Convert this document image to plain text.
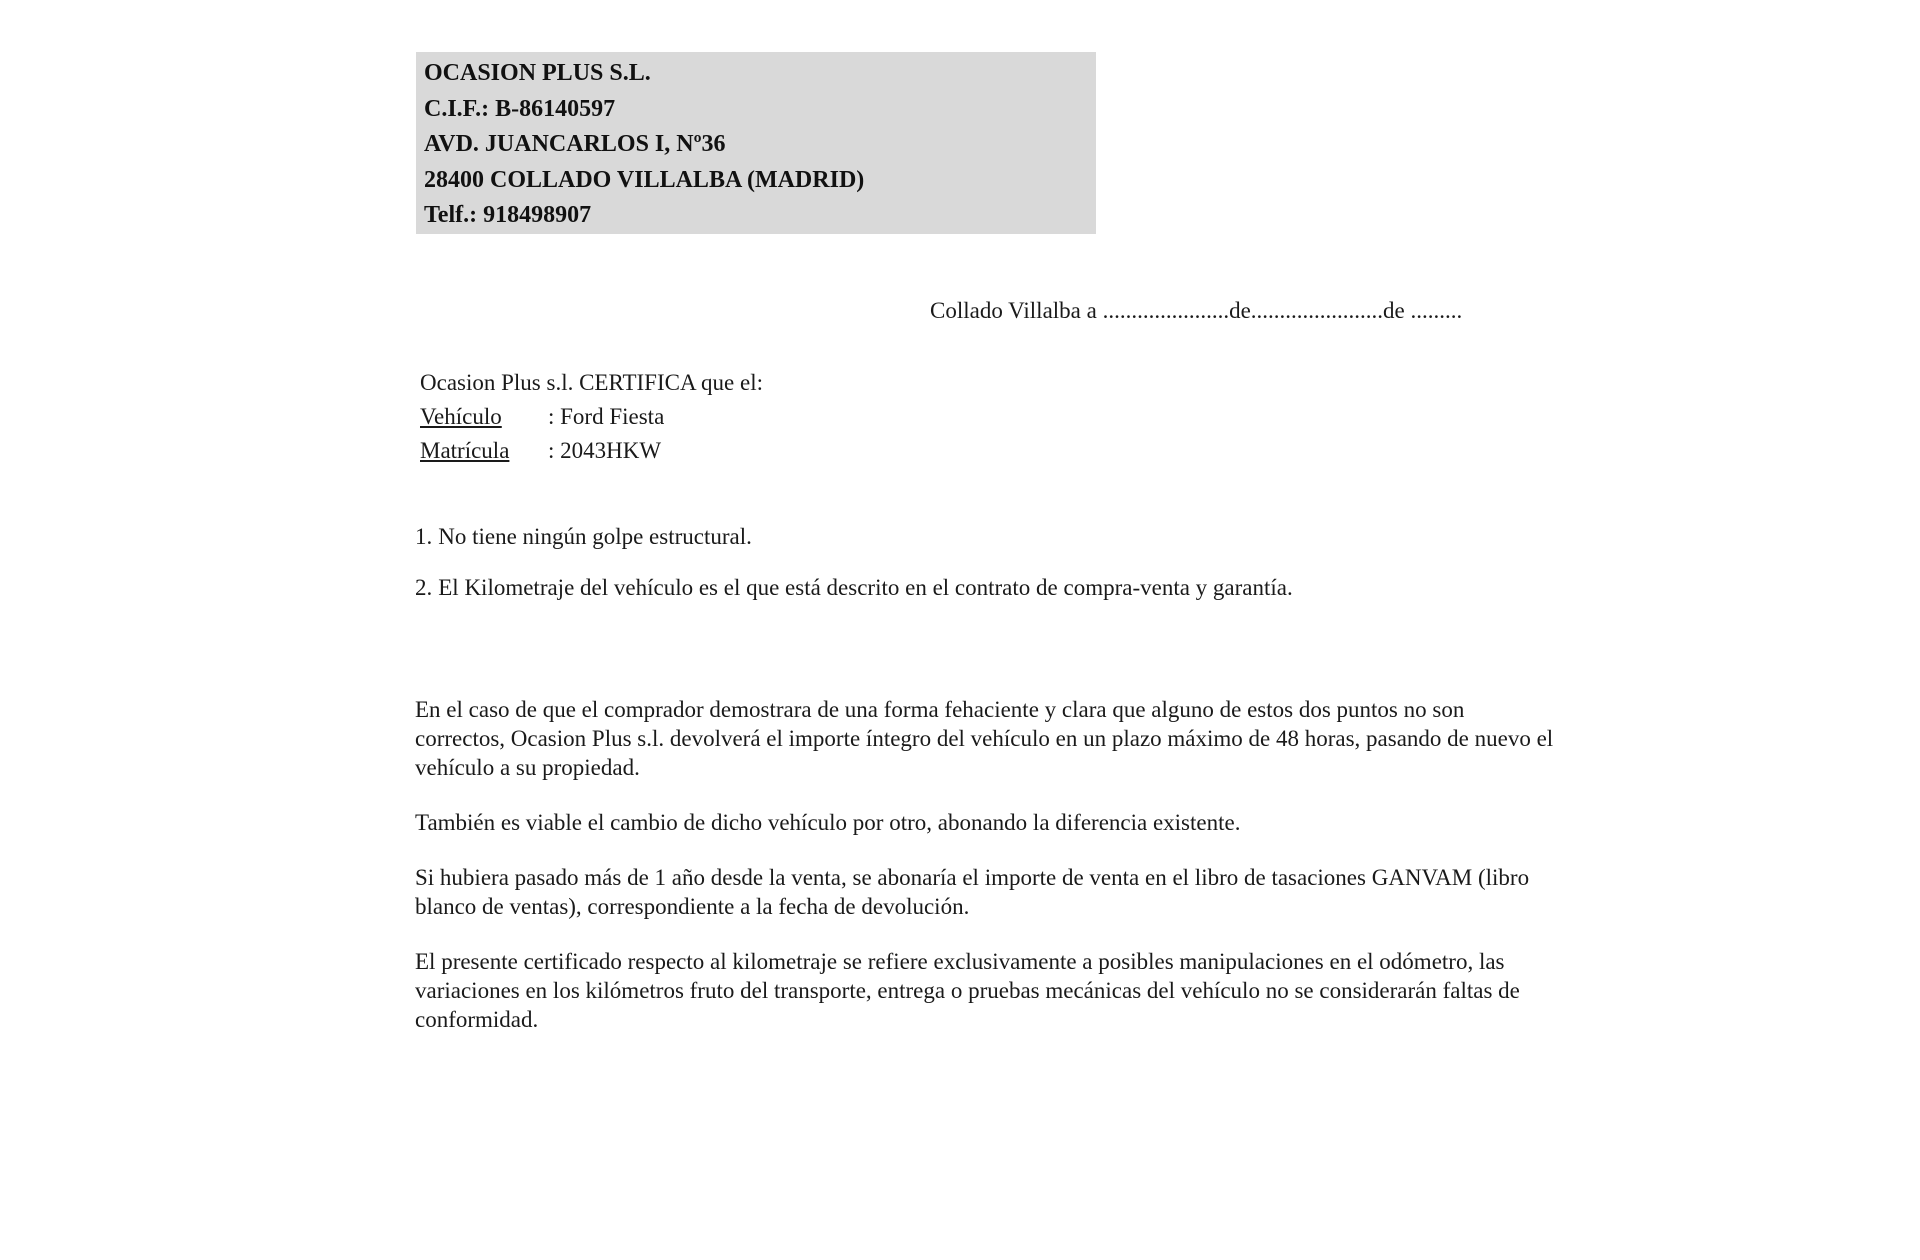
OCASION PLUS S.L.
C.I.F.: B-86140597
AVD. JUANCARLOS I, Nº36
28400 COLLADO VILLALBA (MADRID)
Telf.: 918498907
Collado Villalba a ......................de.......................de .........
Ocasion Plus s.l. CERTIFICA que el:
Vehículo : Ford Fiesta
Matrícula : 2043HKW

1. No tiene ningún golpe estructural.

2. El Kilometraje del vehículo es el que está descrito en el contrato de compra-venta y garantía.

En el caso de que el comprador demostrara de una forma fehaciente y clara que alguno de estos dos puntos no son correctos, Ocasion Plus s.l. devolverá el importe íntegro del vehículo en un plazo máximo de 48 horas, pasando de nuevo el vehículo a su propiedad.

También es viable el cambio de dicho vehículo por otro, abonando la diferencia existente.

Si hubiera pasado más de 1 año desde la venta, se abonaría el importe de venta en el libro de tasaciones GANVAM (libro blanco de ventas), correspondiente a la fecha de devolución.

El presente certificado respecto al kilometraje se refiere exclusivamente a posibles manipulaciones en el odómetro, las variaciones en los kilómetros fruto del transporte, entrega o pruebas mecánicas del vehículo no se considerarán faltas de conformidad.
